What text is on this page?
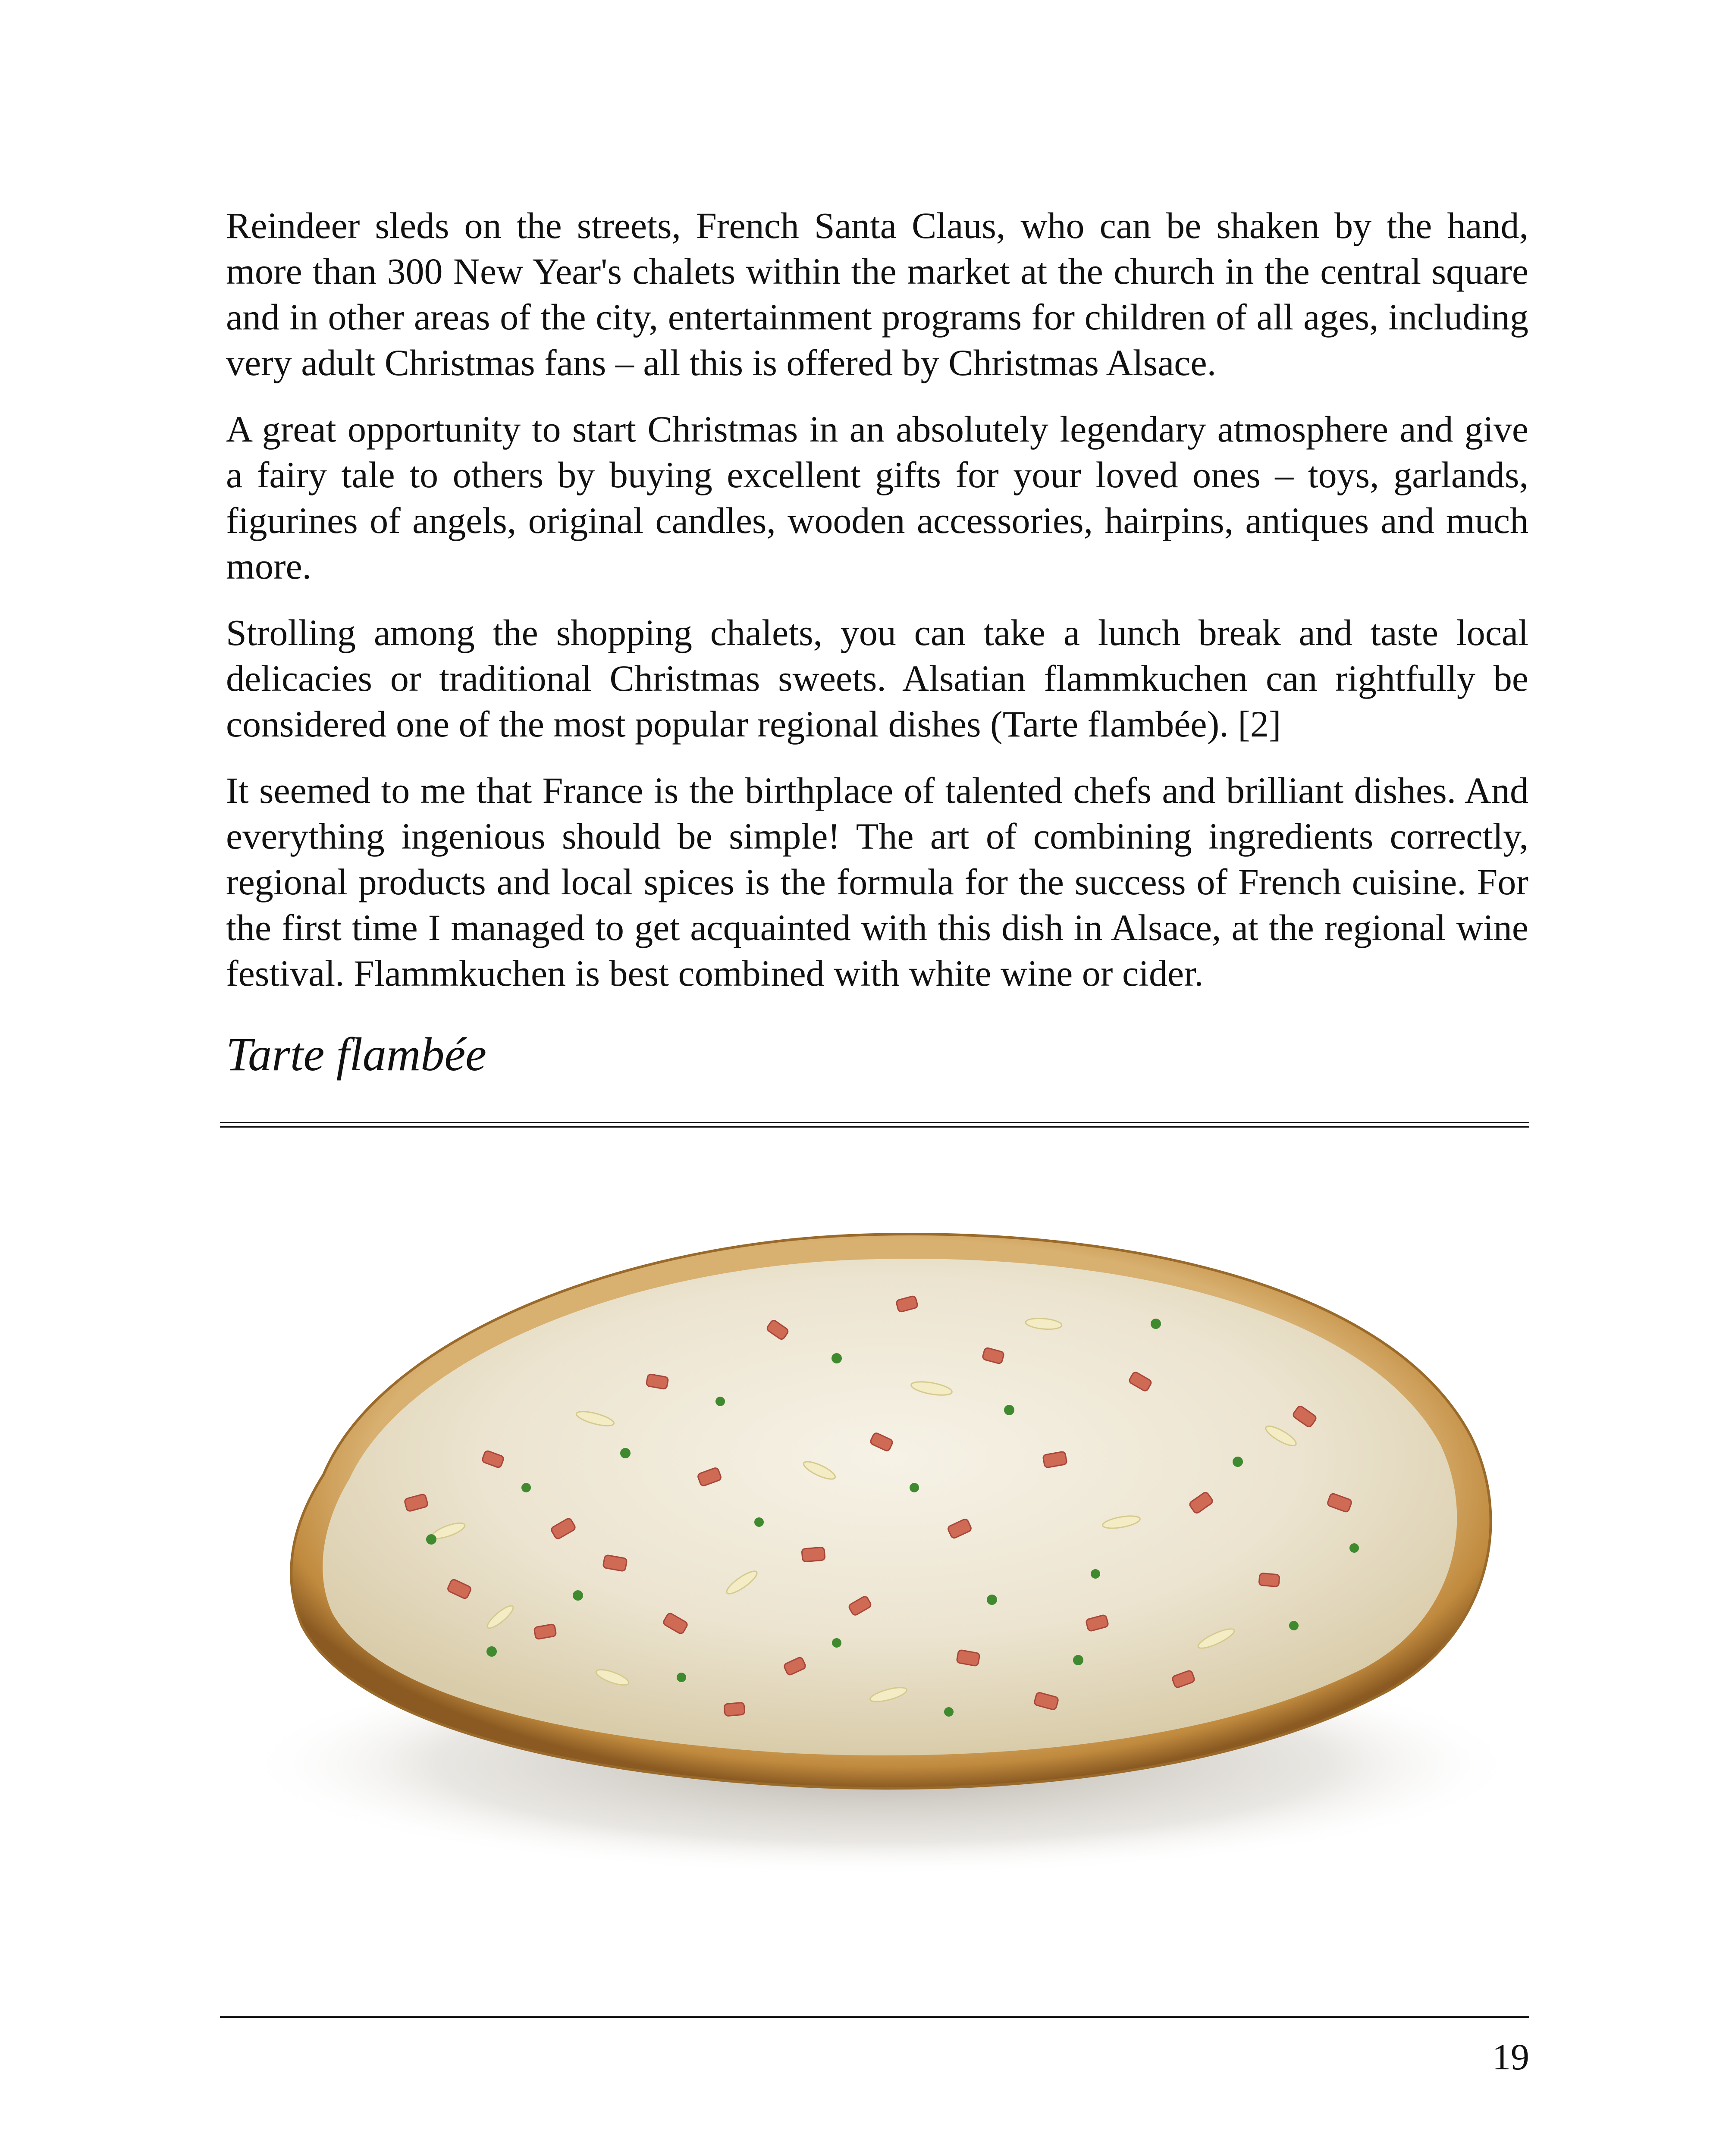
Reindeer sleds on the streets, French Santa Claus, who can be shaken by the hand, more than 300 New Year's chalets within the market at the church in the central square and in other areas of the city, entertainment programs for children of all ages, including very adult Christmas fans – all this is offered by Christmas Alsace.

A great opportunity to start Christmas in an absolutely legendary atmosphere and give a fairy tale to others by buying excellent gifts for your loved ones – toys, garlands, figurines of angels, original candles, wooden accessories, hairpins, antiques and much more.

Strolling among the shopping chalets, you can take a lunch break and taste local delicacies or traditional Christmas sweets. Alsatian flammkuchen can rightfully be considered one of the most popular regional dishes (Tarte flambée). [2]

It seemed to me that France is the birthplace of talented chefs and brilliant dishes. And everything ingenious should be simple! The art of combining ingredients correctly, regional products and local spices is the formula for the success of French cuisine. For the first time I managed to get acquainted with this dish in Alsace, at the regional wine festival. Flammkuchen is best combined with white wine or cider.

Tarte flambée
19
